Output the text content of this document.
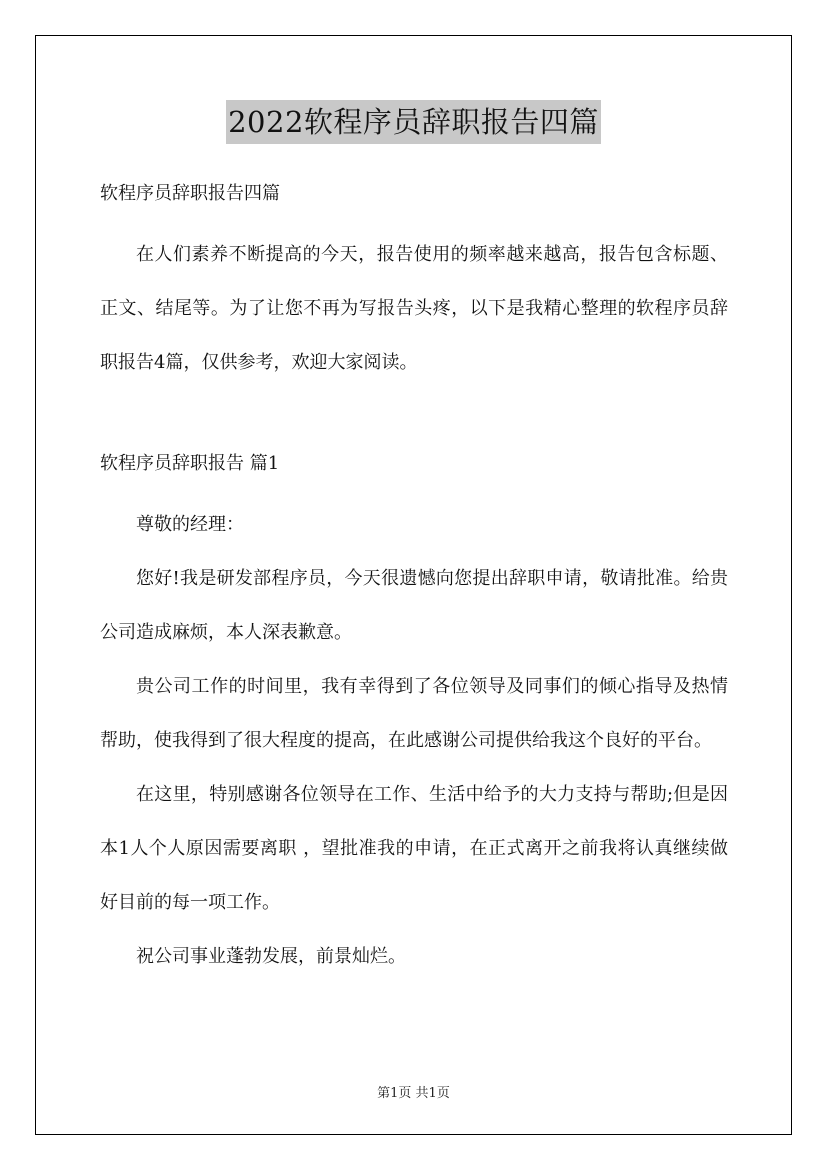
2022软程序员辞职报告四篇

软程序员辞职报告四篇

在人们素养不断提高的今天，报告使用的频率越来越高，报告包含标题、正文、结尾等。为了让您不再为写报告头疼，以下是我精心整理的软程序员辞职报告4篇，仅供参考，欢迎大家阅读。

软程序员辞职报告 篇1

尊敬的经理：

您好!我是研发部程序员，今天很遗憾向您提出辞职申请，敬请批准。给贵公司造成麻烦，本人深表歉意。

贵公司工作的时间里，我有幸得到了各位领导及同事们的倾心指导及热情帮助，使我得到了很大程度的提高，在此感谢公司提供给我这个良好的平台。

在这里，特别感谢各位领导在工作、生活中给予的大力支持与帮助;但是因本1人个人原因需要离职 ，望批准我的申请，在正式离开之前我将认真继续做好目前的每一项工作。

祝公司事业蓬勃发展，前景灿烂。

第1页 共1页
